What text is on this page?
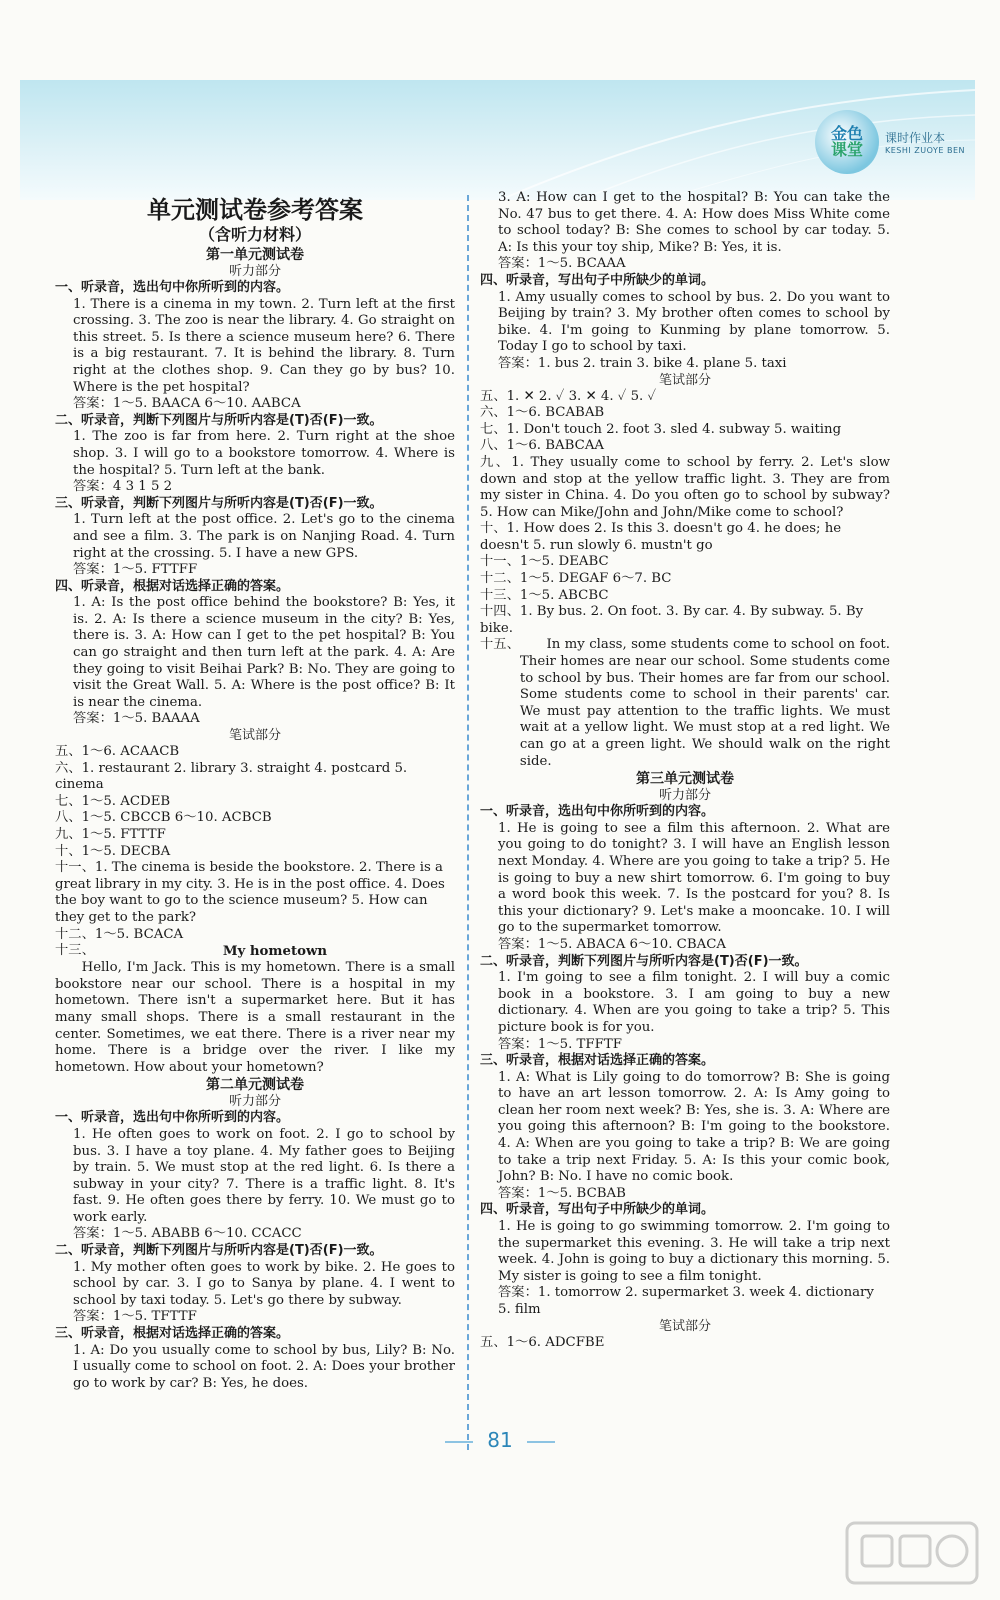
金色
课堂
课时作业本
KESHI ZUOYE BEN
单元测试卷参考答案
（含听力材料）
第一单元测试卷
听力部分
一、听录音，选出句中你所听到的内容。
1. There is a cinema in my town. 2. Turn left at the first crossing. 3. The zoo is near the library. 4. Go straight on this street. 5. Is there a science museum here? 6. There is a big restaurant. 7. It is behind the library. 8. Turn right at the clothes shop. 9. Can they go by bus? 10. Where is the pet hospital?
答案：1～5. BAACA 6～10. AABCA
二、听录音，判断下列图片与所听内容是(T)否(F)一致。
1. The zoo is far from here. 2. Turn right at the shoe shop. 3. I will go to a bookstore tomorrow. 4. Where is the hospital? 5. Turn left at the bank.
答案：4 3 1 5 2
三、听录音，判断下列图片与所听内容是(T)否(F)一致。
1. Turn left at the post office. 2. Let's go to the cinema and see a film. 3. The park is on Nanjing Road. 4. Turn right at the crossing. 5. I have a new GPS.
答案：1～5. FTTFF
四、听录音，根据对话选择正确的答案。
1. A: Is the post office behind the bookstore? B: Yes, it is. 2. A: Is there a science museum in the city? B: Yes, there is. 3. A: How can I get to the pet hospital? B: You can go straight and then turn left at the park. 4. A: Are they going to visit Beihai Park? B: No. They are going to visit the Great Wall. 5. A: Where is the post office? B: It is near the cinema.
答案：1～5. BAAAA
笔试部分
五、1～6. ACAACB
六、1. restaurant 2. library 3. straight 4. postcard 5. cinema
七、1～5. ACDEB
八、1～5. CBCCB 6～10. ACBCB
九、1～5. FTTTF
十、1～5. DECBA
十一、1. The cinema is beside the bookstore. 2. There is a great library in my city. 3. He is in the post office. 4. Does the boy want to go to the science museum? 5. How can they get to the park?
十二、1～5. BCACA
十三、	My hometown
Hello, I'm Jack. This is my hometown. There is a small bookstore near our school. There is a hospital in my hometown. There isn't a supermarket here. But it has many small shops. There is a small restaurant in the center. Sometimes, we eat there. There is a river near my home. There is a bridge over the river. I like my hometown. How about your hometown?
第二单元测试卷
听力部分
一、听录音，选出句中你所听到的内容。
1. He often goes to work on foot. 2. I go to school by bus. 3. I have a toy plane. 4. My father goes to Beijing by train. 5. We must stop at the red light. 6. Is there a subway in your city? 7. There is a traffic light. 8. It's fast. 9. He often goes there by ferry. 10. We must go to work early.
答案：1～5. ABABB 6～10. CCACC
二、听录音，判断下列图片与所听内容是(T)否(F)一致。
1. My mother often goes to work by bike. 2. He goes to school by car. 3. I go to Sanya by plane. 4. I went to school by taxi today. 5. Let's go there by subway.
答案：1～5. TFTTF
三、听录音，根据对话选择正确的答案。
1. A: Do you usually come to school by bus, Lily? B: No. I usually come to school on foot. 2. A: Does your brother go to work by car? B: Yes, he does.
3. A: How can I get to the hospital? B: You can take the No. 47 bus to get there. 4. A: How does Miss White come to school today? B: She comes to school by car today. 5. A: Is this your toy ship, Mike? B: Yes, it is.
答案：1～5. BCAAA
四、听录音，写出句子中所缺少的单词。
1. Amy usually comes to school by bus. 2. Do you want to Beijing by train? 3. My brother often comes to school by bike. 4. I'm going to Kunming by plane tomorrow. 5. Today I go to school by taxi.
答案：1. bus 2. train 3. bike 4. plane 5. taxi
笔试部分
五、1. ✕ 2. ✓ 3. ✕ 4. ✓ 5. ✓
六、1～6. BCABAB
七、1. Don't touch 2. foot 3. sled 4. subway 5. waiting
八、1～6. BABCAA
九、1. They usually come to school by ferry. 2. Let's slow down and stop at the yellow traffic light. 3. They are from my sister in China. 4. Do you often go to school by subway? 5. How can Mike/John and John/Mike come to school?
十、1. How does 2. Is this 3. doesn't go 4. he does; he doesn't 5. run slowly 6. mustn't go
十一、1～5. DEABC
十二、1～5. DEGAF 6～7. BC
十三、1～5. ABCBC
十四、1. By bus. 2. On foot. 3. By car. 4. By subway. 5. By bike.
十五、	In my class, some students come to school on foot. Their homes are near our school. Some students come to school by bus. Their homes are far from our school. Some students come to school in their parents' car. We must pay attention to the traffic lights. We must wait at a yellow light. We must stop at a red light. We can go at a green light. We should walk on the right side.
第三单元测试卷
听力部分
一、听录音，选出句中你所听到的内容。
1. He is going to see a film this afternoon. 2. What are you going to do tonight? 3. I will have an English lesson next Monday. 4. Where are you going to take a trip? 5. He is going to buy a new shirt tomorrow. 6. I'm going to buy a word book this week. 7. Is the postcard for you? 8. Is this your dictionary? 9. Let's make a mooncake. 10. I will go to the supermarket tomorrow.
答案：1～5. ABACA 6～10. CBACA
二、听录音，判断下列图片与所听内容是(T)否(F)一致。
1. I'm going to see a film tonight. 2. I will buy a comic book in a bookstore. 3. I am going to buy a new dictionary. 4. When are you going to take a trip? 5. This picture book is for you.
答案：1～5. TFFTF
三、听录音，根据对话选择正确的答案。
1. A: What is Lily going to do tomorrow? B: She is going to have an art lesson tomorrow. 2. A: Is Amy going to clean her room next week? B: Yes, she is. 3. A: Where are you going this afternoon? B: I'm going to the bookstore. 4. A: When are you going to take a trip? B: We are going to take a trip next Friday. 5. A: Is this your comic book, John? B: No. I have no comic book.
答案：1～5. BCBAB
四、听录音，写出句子中所缺少的单词。
1. He is going to go swimming tomorrow. 2. I'm going to the supermarket this evening. 3. He will take a trip next week. 4. John is going to buy a dictionary this morning. 5. My sister is going to see a film tonight.
答案：1. tomorrow 2. supermarket 3. week 4. dictionary 5. film
笔试部分
五、1～6. ADCFBE
81
